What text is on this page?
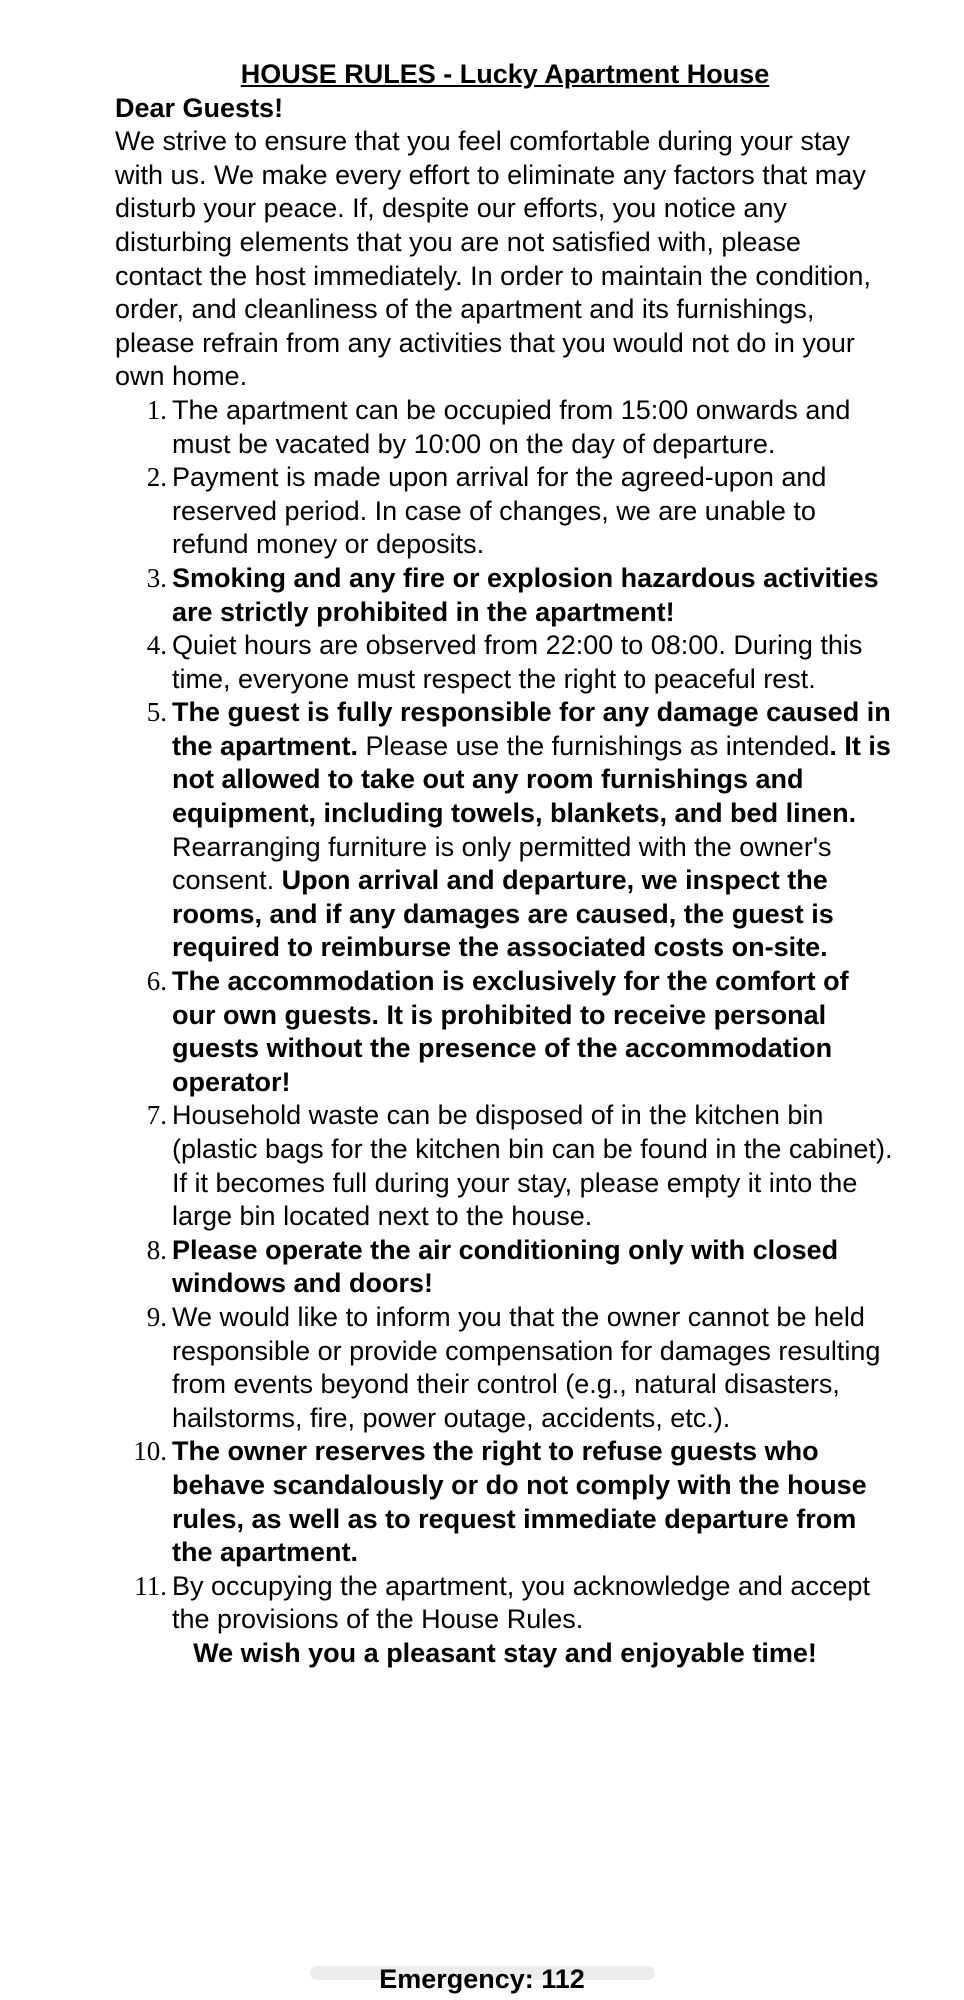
HOUSE RULES - Lucky Apartment House

Dear Guests!

We strive to ensure that you feel comfortable during your stay with us. We make every effort to eliminate any factors that may disturb your peace. If, despite our efforts, you notice any disturbing elements that you are not satisfied with, please contact the host immediately. In order to maintain the condition, order, and cleanliness of the apartment and its furnishings, please refrain from any activities that you would not do in your own home.

1. The apartment can be occupied from 15:00 onwards and must be vacated by 10:00 on the day of departure.
2. Payment is made upon arrival for the agreed-upon and reserved period. In case of changes, we are unable to refund money or deposits.
3. Smoking and any fire or explosion hazardous activities are strictly prohibited in the apartment!
4. Quiet hours are observed from 22:00 to 08:00. During this time, everyone must respect the right to peaceful rest.
5. The guest is fully responsible for any damage caused in the apartment. Please use the furnishings as intended. It is not allowed to take out any room furnishings and equipment, including towels, blankets, and bed linen. Rearranging furniture is only permitted with the owner's consent. Upon arrival and departure, we inspect the rooms, and if any damages are caused, the guest is required to reimburse the associated costs on-site.
6. The accommodation is exclusively for the comfort of our own guests. It is prohibited to receive personal guests without the presence of the accommodation operator!
7. Household waste can be disposed of in the kitchen bin (plastic bags for the kitchen bin can be found in the cabinet). If it becomes full during your stay, please empty it into the large bin located next to the house.
8. Please operate the air conditioning only with closed windows and doors!
9. We would like to inform you that the owner cannot be held responsible or provide compensation for damages resulting from events beyond their control (e.g., natural disasters, hailstorms, fire, power outage, accidents, etc.).
10. The owner reserves the right to refuse guests who behave scandalously or do not comply with the house rules, as well as to request immediate departure from the apartment.
11. By occupying the apartment, you acknowledge and accept the provisions of the House Rules.

We wish you a pleasant stay and enjoyable time!

Emergency: 112
